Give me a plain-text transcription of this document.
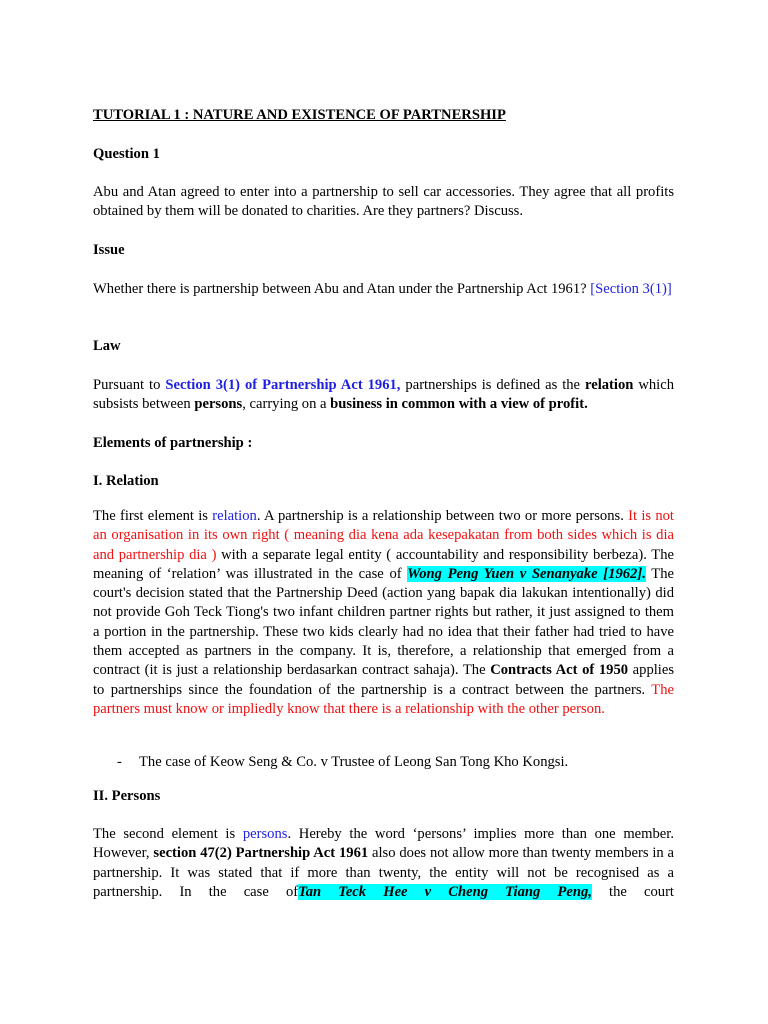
TUTORIAL 1 : NATURE AND EXISTENCE OF PARTNERSHIP
Question 1
Abu and Atan agreed to enter into a partnership to sell car accessories. They agree that all profits obtained by them will be donated to charities. Are they partners? Discuss.
Issue
Whether there is partnership between Abu and Atan under the Partnership Act 1961? [Section 3(1)]
Law
Pursuant to Section 3(1) of Partnership Act 1961, partnerships is defined as the relation which subsists between persons, carrying on a business in common with a view of profit.
Elements of partnership :
I. Relation
The first element is relation. A partnership is a relationship between two or more persons. It is not an organisation in its own right ( meaning dia kena ada kesepakatan from both sides which is dia and partnership dia ) with a separate legal entity ( accountability and responsibility berbeza). The meaning of ‘relation’ was illustrated in the case of Wong Peng Yuen v Senanyake [1962]. The court's decision stated that the Partnership Deed (action yang bapak dia lakukan intentionally) did not provide Goh Teck Tiong's two infant children partner rights but rather, it just assigned to them a portion in the partnership. These two kids clearly had no idea that their father had tried to have them accepted as partners in the company. It is, therefore, a relationship that emerged from a contract (it is just a relationship berdasarkan contract sahaja). The Contracts Act of 1950 applies to partnerships since the foundation of the partnership is a contract between the partners. The partners must know or impliedly know that there is a relationship with the other person.
- The case of Keow Seng & Co. v Trustee of Leong San Tong Kho Kongsi.
II. Persons
The second element is persons. Hereby the word ‘persons’ implies more than one member. However, section 47(2) Partnership Act 1961 also does not allow more than twenty members in a partnership. It was stated that if more than twenty, the entity will not be recognised as a partnership. In the case ofTan Teck Hee v Cheng Tiang Peng, the court
